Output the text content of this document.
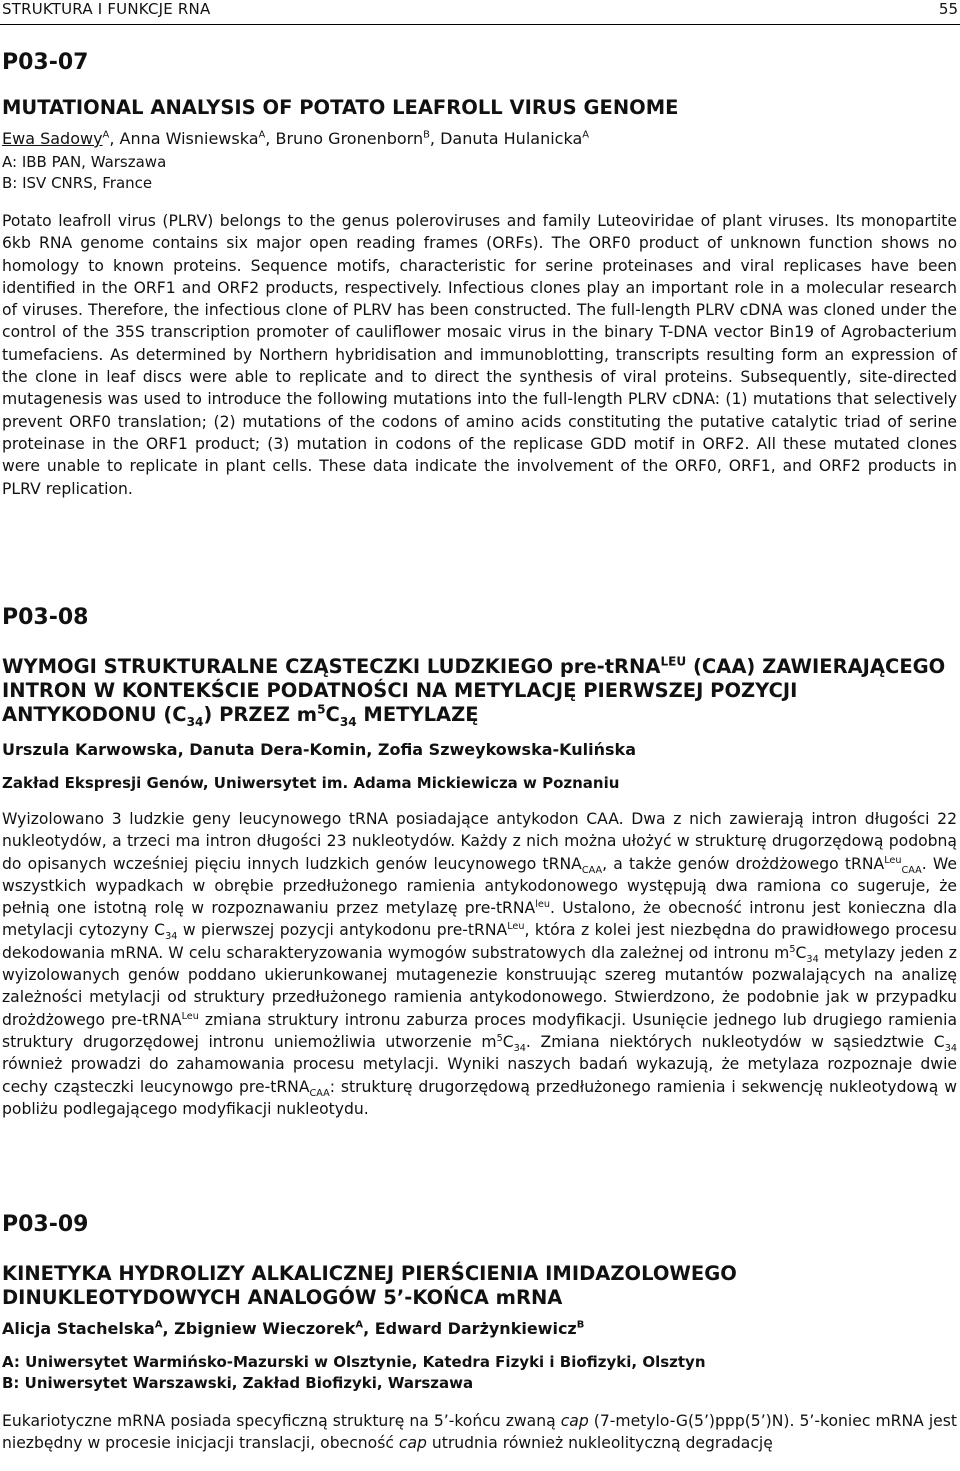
STRUKTURA I FUNKCJE RNA	55

P03-07

MUTATIONAL ANALYSIS OF POTATO LEAFROLL VIRUS GENOME

Ewa Sadowy$^A$, Anna Wisniewska$^A$, Bruno Gronenborn$^B$, Danuta Hulanicka$^A$

A: IBB PAN, Warszawa

B: ISV CNRS, France

Potato leafroll virus (PLRV) belongs to the genus poleroviruses and family Luteoviridae of plant viruses. Its monopartite 6kb RNA genome contains six major open reading frames (ORFs). The ORF0 product of unknown function shows no homology to known proteins. Sequence motifs, characteristic for serine proteinases and viral replicases have been identified in the ORF1 and ORF2 products, respectively. Infectious clones play an important role in a molecular research of viruses. Therefore, the infectious clone of PLRV has been constructed. The full-length PLRV cDNA was cloned under the control of the 35S transcription promoter of cauliflower mosaic virus in the binary T-DNA vector Bin19 of Agrobacterium tumefaciens. As determined by Northern hybridisation and immunoblotting, transcripts resulting form an expression of the clone in leaf discs were able to replicate and to direct the synthesis of viral proteins. Subsequently, site-directed mutagenesis was used to introduce the following mutations into the full-length PLRV cDNA: (1) mutations that selectively prevent ORF0 translation; (2) mutations of the codons of amino acids constituting the putative catalytic triad of serine proteinase in the ORF1 product; (3) mutation in codons of the replicase GDD motif in ORF2. All these mutated clones were unable to replicate in plant cells. These data indicate the involvement of the ORF0, ORF1, and ORF2 products in PLRV replication.

P03-08

WYMOGI STRUKTURALNE CZĄSTECZKI LUDZKIEGO pre-tRNA$^{LEU}$ (CAA) ZAWIERAJĄCEGO INTRON W KONTEKŚCIE PODATNOŚCI NA METYLACJĘ PIERWSZEJ POZYCJI ANTYKODONU $(C_{34})$ PRZEZ $m^5C_{34}$ METYLAZĘ

Urszula Karwowska, Danuta Dera-Komin, Zofia Szweykowska-Kulińska

Zakład Ekspresji Genów, Uniwersytet im. Adama Mickiewicza w Poznaniu

Wyizolowano 3 ludzkie geny leucynowego tRNA posiadające antykodon CAA. Dwa z nich zawierają intron długości 22 nukleotydów, a trzeci ma intron długości 23 nukleotydów. Każdy z nich można ułożyć w strukturę drugorzędową podobną do opisanych wcześniej pięciu innych ludzkich genów leucynowego tRNA$_{CAA}$, a także genów drożdżowego tRNA$^{Leu}_{CAA}$. We wszystkich wypadkach w obrębie przedłużonego ramienia antykodonowego występują dwa ramiona co sugeruje, że pełnią one istotną rolę w rozpoznawaniu przez metylazę pre-tRNA$^{leu}$. Ustalono, że obecność intronu jest konieczna dla metylacji cytozyny $C_{34}$ w pierwszej pozycji antykodonu pre-tRNA$^{Leu}$, która z kolei jest niezbędna do prawidłowego procesu dekodowania mRNA. W celu scharakteryzowania wymogów substratowych dla zależnej od intronu $m^5C_{34}$ metylazy jeden z wyizolowanych genów poddano ukierunkowanej mutagenezie konstruując szereg mutantów pozwalających na analizę zależności metylacji od struktury przedłużonego ramienia antykodonowego. Stwierdzono, że podobnie jak w przypadku drożdżowego pre-tRNA$^{Leu}$ zmiana struktury intronu zaburza proces modyfikacji. Usunięcie jednego lub drugiego ramienia struktury drugorzędowej intronu uniemożliwia utworzenie $m^5C_{34}$. Zmiana niektórych nukleotydów w sąsiedztwie $C_{34}$ również prowadzi do zahamowania procesu metylacji. Wyniki naszych badań wykazują, że metylaza rozpoznaje dwie cechy cząsteczki leucynowgo pre-tRNA$_{CAA}$: strukturę drugorzędową przedłużonego ramienia i sekwencję nukleotydową w pobliżu podlegającego modyfikacji nukleotydu.

P03-09

KINETYKA HYDROLIZY ALKALICZNEJ PIERŚCIENIA IMIDAZOLOWEGO DINUKLEOTYDOWYCH ANALOGÓW 5’-KOŃCA mRNA

Alicja Stachelska$^A$, Zbigniew Wieczorek$^A$, Edward Darżynkiewicz$^B$

A: Uniwersytet Warmińsko-Mazurski w Olsztynie, Katedra Fizyki i Biofizyki, Olsztyn

B: Uniwersytet Warszawski, Zakład Biofizyki, Warszawa

Eukariotyczne mRNA posiada specyficzną strukturę na 5’-końcu zwaną cap (7-metylo-G(5’)ppp(5’)N). 5’-koniec mRNA jest niezbędny w procesie inicjacji translacji, obecność cap utrudnia również nukleolityczną degradację
